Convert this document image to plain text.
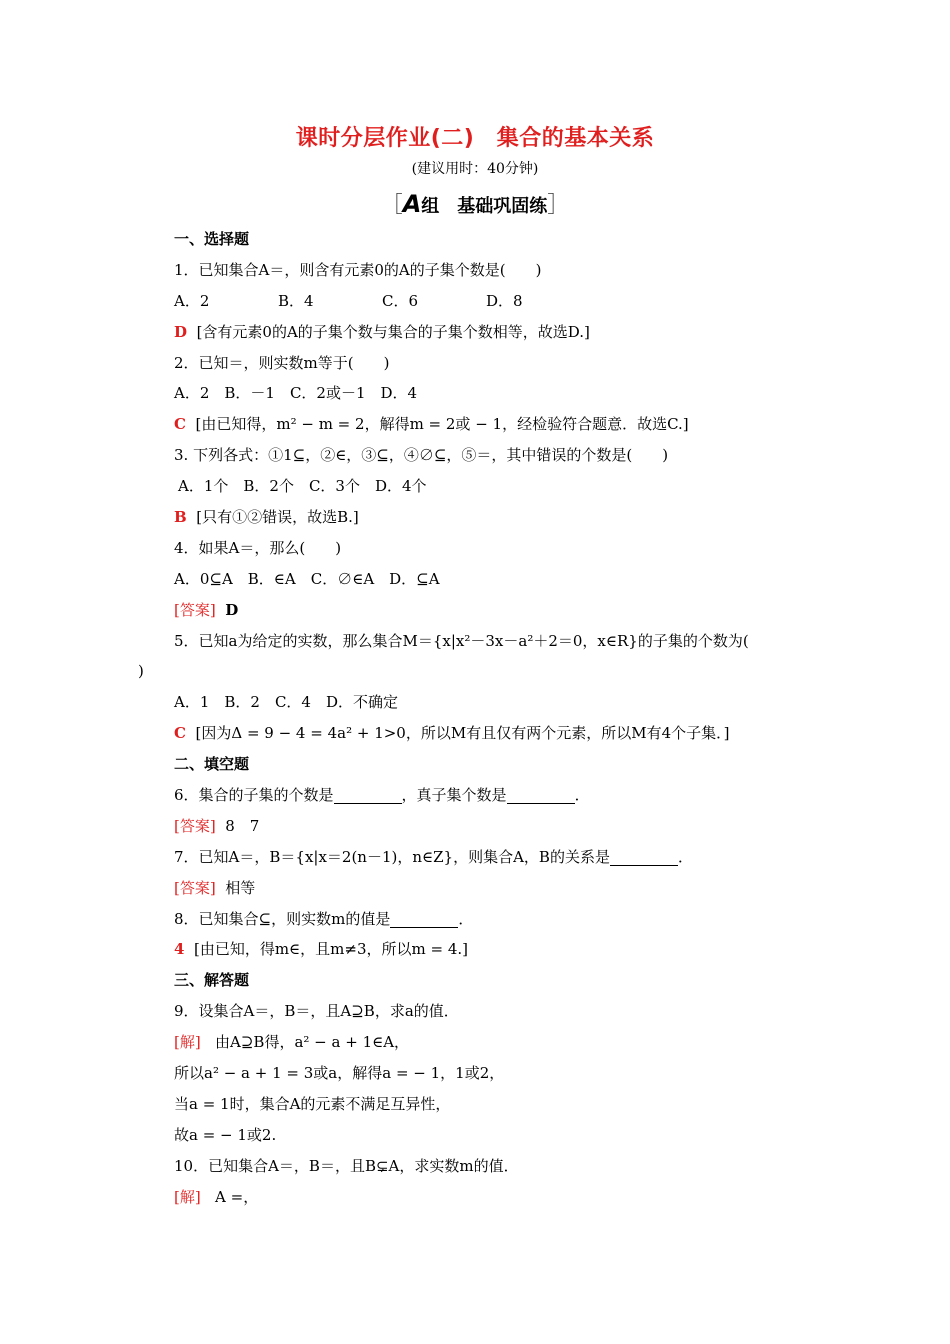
课时分层作业(二)　集合的基本关系
(建议用时：40分钟)
［A组　基础巩固练］
一、选择题
1．已知集合A＝，则含有元素0的A的子集个数是(　　)
A．2	B．4	C．6	D．8
D [含有元素0的A的子集个数与集合的子集个数相等，故选D.]
2．已知＝，则实数m等于(　　)
A．2　B．－1　C．2或－1　D．4
C [由已知得，m² − m = 2，解得m = 2或 − 1，经检验符合题意．故选C.]
3. 下列各式：①1⊆，②∈，③⊆，④∅⊆，⑤＝，其中错误的个数是(　　)
A．1个　B．2个　C．3个　D．4个
B [只有①②错误，故选B.]
4．如果A＝，那么(　　)
A．0⊆A　B．∈A　C．∅∈A　D．⊆A
[答案] D
5．已知a为给定的实数，那么集合M＝{x|x²－3x－a²＋2＝0，x∈R}的子集的个数为(
)
A．1　B．2　C．4　D．不确定
C [因为Δ = 9 − 4 = 4a² + 1>0，所以M有且仅有两个元素，所以M有4个子集．]
二、填空题
6．集合的子集的个数是	，真子集个数是	．
[答案] 8　7
7．已知A＝，B＝{x|x＝2(n－1)，n∈Z}，则集合A，B的关系是	．
[答案] 相等
8．已知集合⊆，则实数m的值是	．
4 [由已知，得m∈，且m≠3，所以m = 4.]
三、解答题
9．设集合A＝，B＝，且A⊇B，求a的值．
[解] 由A⊇B得，a² − a + 1∈A，
所以a² − a + 1 = 3或a，解得a = − 1，1或2，
当a = 1时，集合A的元素不满足互异性，
故a = − 1或2.
10．已知集合A＝，B＝，且B⊊A，求实数m的值．
[解] A =，
